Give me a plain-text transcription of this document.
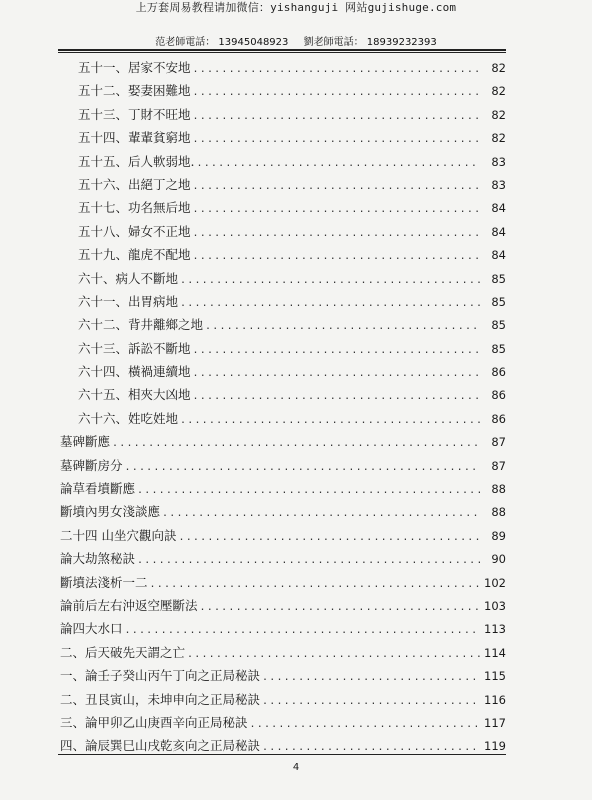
上万套周易教程请加微信：yishanguji 网站gujishuge.com
范老師電話： 13945048923 劉老師電話： 18939232393
五十一、居家不安地 .....	82
五十二、娶妻困難地 .....	82
五十三、丁財不旺地 .....	82
五十四、輩輩貧窮地 .....	82
五十五、后人軟弱地. .....	83
五十六、出絕丁之地 .....	83
五十七、功名無后地 .....	84
五十八、婦女不正地 .....	84
五十九、龍虎不配地 .....	84
六十、病人不斷地 .....	85
六十一、出胃病地 .....	85
六十二、背井離鄉之地 .....	85
六十三、訴訟不斷地 .....	85
六十四、橫禍連續地 .....	86
六十五、相夾大凶地 .....	86
六十六、姓吃姓地 .....	86
墓碑斷應 .....	87
墓碑斷房分 .....	87
論草看墳斷應 .....	88
斷墳內男女淺談應 .....	88
二十四 山坐穴觀向訣 .....	89
論大劫煞秘訣 .....	90
斷墳法淺析一二 .....	102
論前后左右沖返空壓斷法 .....	103
論四大水口 .....	113
二、后天破先天謂之亡 .....	114
一、論壬子癸山丙午丁向之正局秘訣 .....	115
二、丑艮寅山，未坤申向之正局秘訣 .....	116
三、論甲卯乙山庚酉辛向正局秘訣 .....	117
四、論辰巽巳山戌乾亥向之正局秘訣 .....	119
4
